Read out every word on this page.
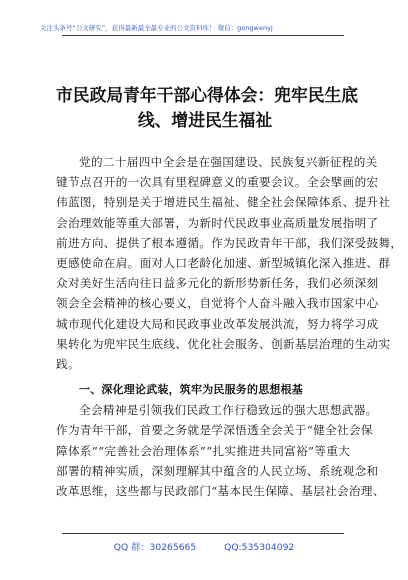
关注头条号“公文研究”，获得最新最全最专业的公文资料库！ 微信：gongwenyj
市民政局青年干部心得体会：兜牢民生底
线、增进民生福祉
党的二十届四中全会是在强国建设、民族复兴新征程的关
键节点召开的一次具有里程碑意义的重要会议。全会擘画的宏
伟蓝图，特别是关于增进民生福祉、健全社会保障体系、提升社
会治理效能等重大部署，为新时代民政事业高质量发展指明了
前进方向、提供了根本遵循。作为民政青年干部，我们深受鼓舞，
更感使命在肩。面对人口老龄化加速、新型城镇化深入推进、群
众对美好生活向往日益多元化的新形势新任务，我们必须深刻
领会全会精神的核心要义，自觉将个人奋斗融入我市国家中心
城市现代化建设大局和民政事业改革发展洪流，努力将学习成
果转化为兜牢民生底线、优化社会服务、创新基层治理的生动实
践。
一、深化理论武装，筑牢为民服务的思想根基
全会精神是引领我们民政工作行稳致远的强大思想武器。
作为青年干部，首要之务就是学深悟透全会关于“健全社会保
障体系”“完善社会治理体系”“扎实推进共同富裕”等重大
部署的精神实质，深刻理解其中蕴含的人民立场、系统观念和
改革思维，这些都与民政部门“基本民生保障、基层社会治理、
QQ 群：30265665	QQ:535304092
